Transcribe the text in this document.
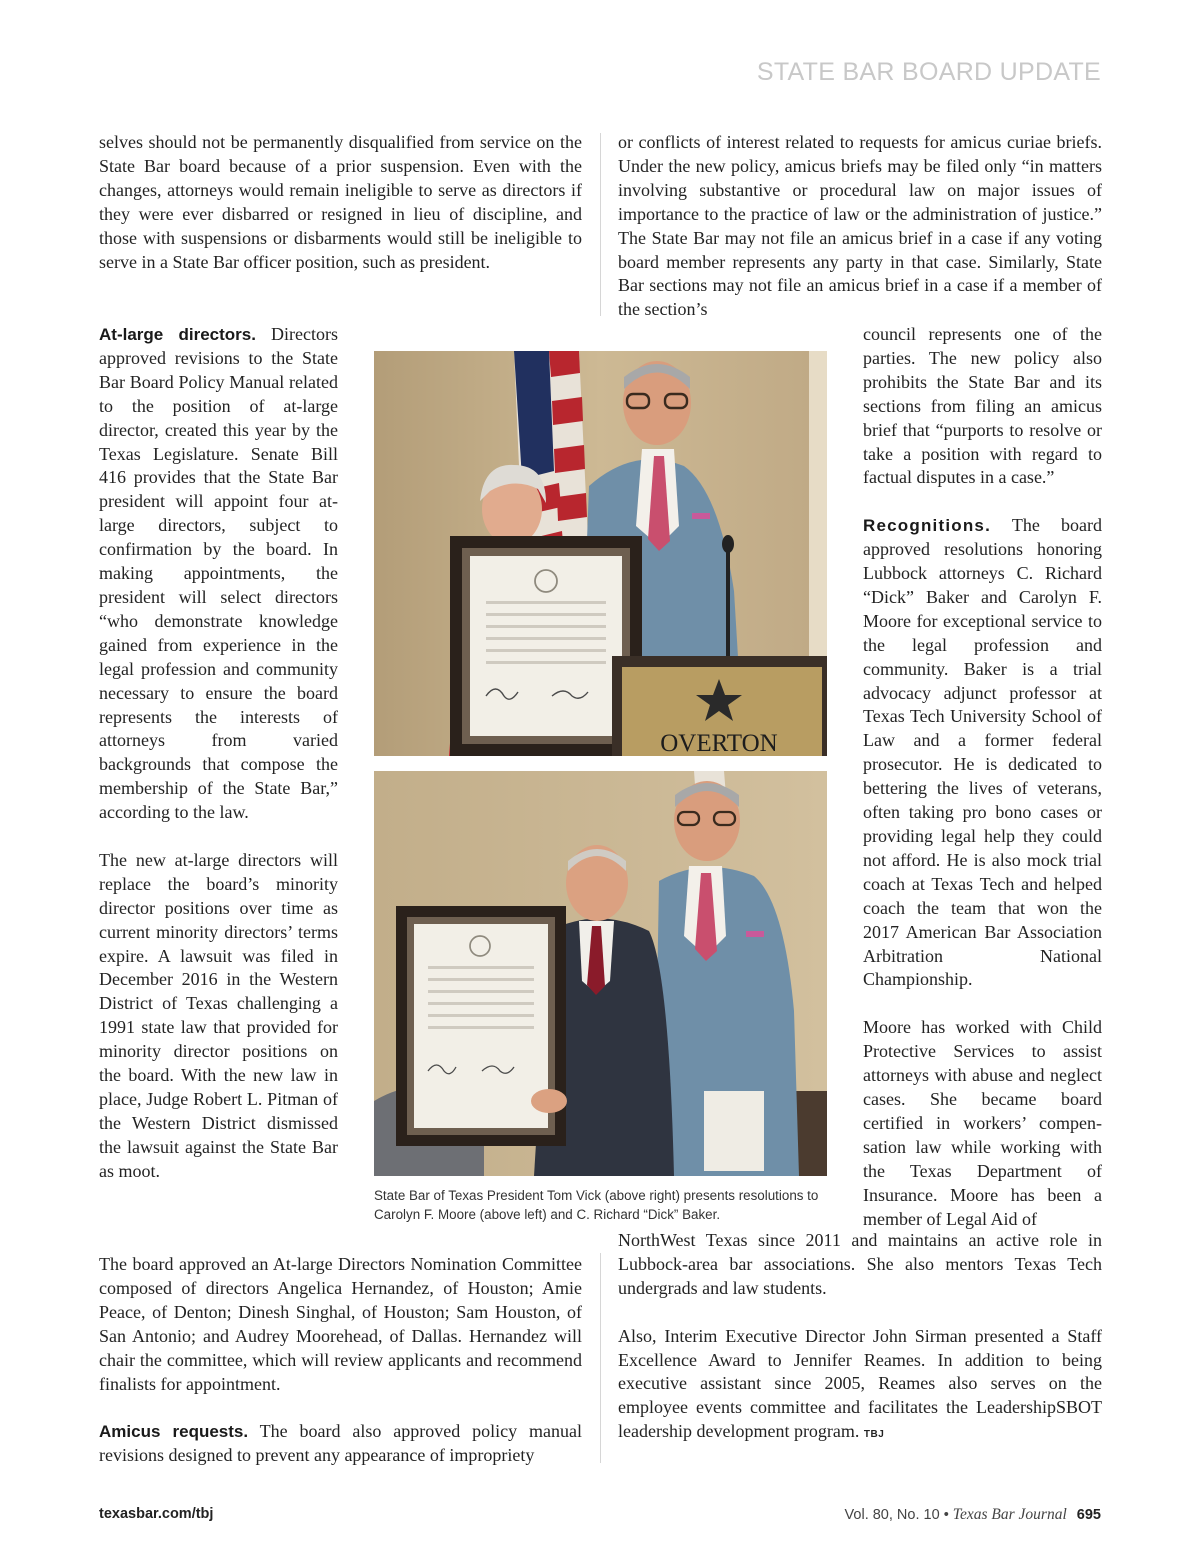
STATE BAR BOARD UPDATE

selves should not be permanently disqualified from service on the State Bar board because of a prior suspension. Even with the changes, attorneys would remain ineligible to serve as directors if they were ever disbarred or resigned in lieu of discipline, and those with suspensions or disbarments would still be ineligible to serve in a State Bar officer position, such as president.

or conflicts of interest related to requests for amicus curiae briefs. Under the new policy, amicus briefs may be filed only “in matters involving substantive or procedural law on major issues of importance to the practice of law or the administration of justice.” The State Bar may not file an amicus brief in a case if any voting board member represents any party in that case. Similarly, State Bar sections may not file an amicus brief in a case if a member of the section’s

At-large directors. Directors approved revisions to the State Bar Board Policy Manual related to the position of at-large director, created this year by the Texas Legislature. Senate Bill 416 provides that the State Bar president will appoint four at-large directors, subject to confirmation by the board. In making appointments, the president will select directors “who demonstrate knowledge gained from experience in the legal profession and community necessary to ensure the board represents the interests of attorneys from varied backgrounds that compose the membership of the State Bar,” according to the law.

The new at-large directors will replace the board’s minority director positions over time as current minority directors’ terms expire. A lawsuit was filed in December 2016 in the Western District of Texas challenging a 1991 state law that provided for minority director positions on the board. With the new law in place, Judge Robert L. Pitman of the Western District dismissed the lawsuit against the State Bar as moot.

council represents one of the parties. The new policy also prohibits the State Bar and its sections from filing an amicus brief that “purports to resolve or take a position with regard to factual disputes in a case.”

Recognitions. The board approved resolutions honoring Lubbock attorneys C. Richard “Dick” Baker and Carolyn F. Moore for exceptional service to the legal profession and community. Baker is a trial advocacy adjunct professor at Texas Tech University School of Law and a former federal prosecutor. He is dedicated to bettering the lives of veterans, often taking pro bono cases or providing legal help they could not afford. He is also mock trial coach at Texas Tech and helped coach the team that won the 2017 American Bar Association Arbitration National Championship.

Moore has worked with Child Protective Services to assist attorneys with abuse and neglect cases. She became board certified in workers’ compensation law while working with the Texas Department of Insurance. Moore has been a member of Legal Aid of

OVERTON
State Bar of Texas President Tom Vick (above right) presents resolutions to Carolyn F. Moore (above left) and C. Richard “Dick” Baker.

The board approved an At-large Directors Nomination Committee composed of directors Angelica Hernandez, of Houston; Amie Peace, of Denton; Dinesh Singhal, of Houston; Sam Houston, of San Antonio; and Audrey Moorehead, of Dallas. Hernandez will chair the committee, which will review applicants and recommend finalists for appointment.

Amicus requests. The board also approved policy manual revisions designed to prevent any appearance of impropriety

NorthWest Texas since 2011 and maintains an active role in Lubbock-area bar associations. She also mentors Texas Tech undergrads and law students.

Also, Interim Executive Director John Sirman presented a Staff Excellence Award to Jennifer Reames. In addition to being executive assistant since 2005, Reames also serves on the employee events committee and facilitates the LeadershipSBOT leadership development program. TBJ

texasbar.com/tbj	Vol. 80, No. 10 • Texas Bar Journal 695
